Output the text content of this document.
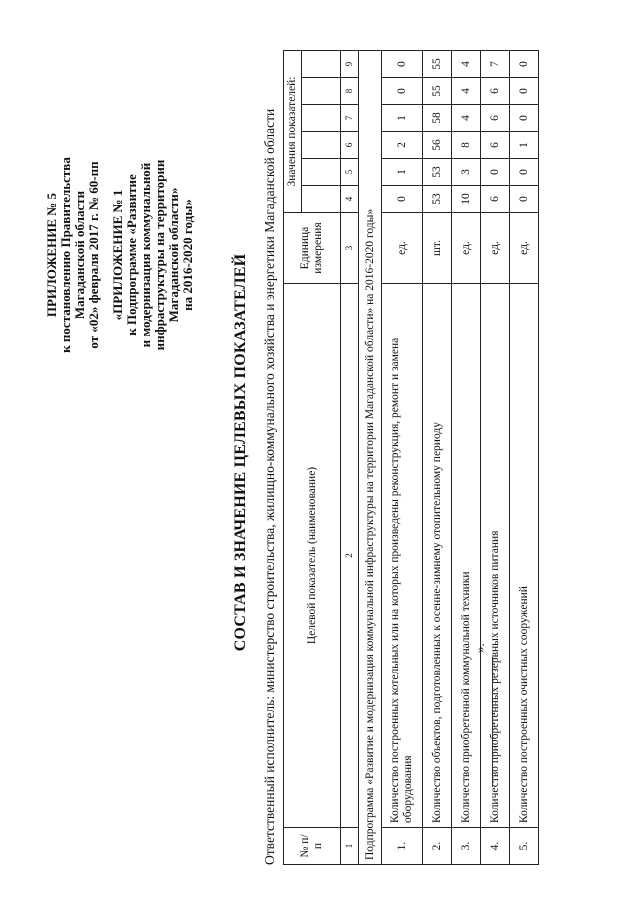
ПРИЛОЖЕНИЕ № 5 к постановлению Правительства Магаданской области от «02» февраля 2017 г. № 60-пп «ПРИЛОЖЕНИЕ № 1 к Подпрограмме «Развитие и модернизация коммунальной инфраструктуры на территории Магаданской области» на 2016-2020 годы» СОСТАВ И ЗНАЧЕНИЕ ЦЕЛЕВЫХ ПОКАЗАТЕЛЕЙ Ответственный исполнитель: министерство строительства, жилищно-коммунального хозяйства и энергетики Магаданской области № п/п	Целевой показатель (наименование)	Единица измерения	Значения показателей:					

1	2	3	4	5	6	7	8	9
Подпрограмма «Развитие и модернизация коммунальной инфраструктуры на территории Магаданской области» на 2016-2020 годы»								
1.	Количество построенных котельных или на которых произведены реконструкция, ремонт и замена оборудования	ед.	0	1	2	1	0	0
2.	Количество объектов, подготовленных к осенне-зимнему отопительному периоду	шт.	53	53	56	58	55	55
3.	Количество приобретенной коммунальной техники	ед.	10	3	8	4	4	4
4.	Количество приобретенных резервных источников питания	ед.	6	0	6	6	6	7
5.	Количество построенных очистных сооружений	ед.	0	0	1	0	0	0
».
